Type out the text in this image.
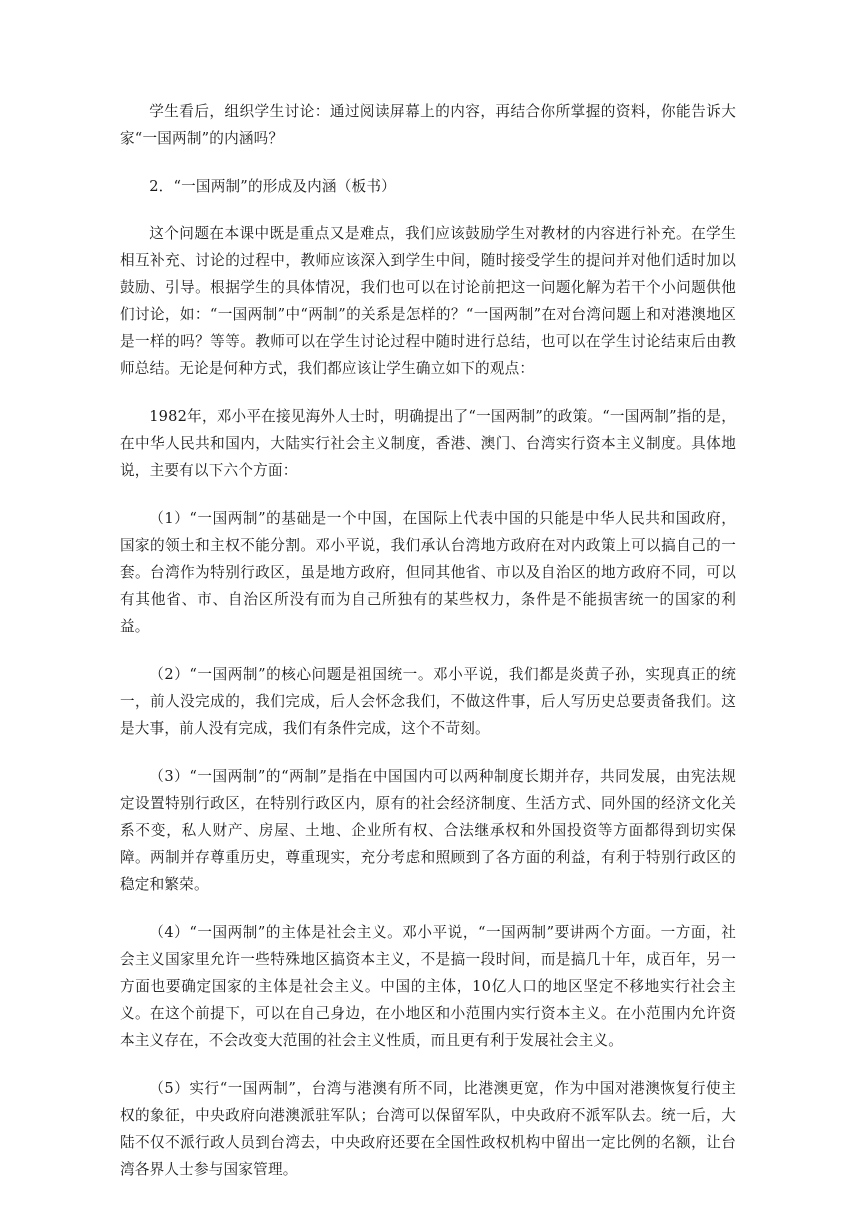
学生看后，组织学生讨论：通过阅读屏幕上的内容，再结合你所掌握的资料，你能告诉大家“一国两制”的内涵吗？

2．“一国两制”的形成及内涵（板书）

这个问题在本课中既是重点又是难点，我们应该鼓励学生对教材的内容进行补充。在学生相互补充、讨论的过程中，教师应该深入到学生中间，随时接受学生的提问并对他们适时加以鼓励、引导。根据学生的具体情况，我们也可以在讨论前把这一问题化解为若干个小问题供他们讨论，如：“一国两制”中“两制”的关系是怎样的？“一国两制”在对台湾问题上和对港澳地区是一样的吗？等等。教师可以在学生讨论过程中随时进行总结，也可以在学生讨论结束后由教师总结。无论是何种方式，我们都应该让学生确立如下的观点：

1982年，邓小平在接见海外人士时，明确提出了“一国两制”的政策。“一国两制”指的是，在中华人民共和国内，大陆实行社会主义制度，香港、澳门、台湾实行资本主义制度。具体地说，主要有以下六个方面：

（1）“一国两制”的基础是一个中国，在国际上代表中国的只能是中华人民共和国政府，国家的领土和主权不能分割。邓小平说，我们承认台湾地方政府在对内政策上可以搞自己的一套。台湾作为特别行政区，虽是地方政府，但同其他省、市以及自治区的地方政府不同，可以有其他省、市、自治区所没有而为自己所独有的某些权力，条件是不能损害统一的国家的利益。

（2）“一国两制”的核心问题是祖国统一。邓小平说，我们都是炎黄子孙，实现真正的统一，前人没完成的，我们完成，后人会怀念我们，不做这件事，后人写历史总要责备我们。这是大事，前人没有完成，我们有条件完成，这个不苛刻。

（3）“一国两制”的“两制”是指在中国国内可以两种制度长期并存，共同发展，由宪法规定设置特别行政区，在特别行政区内，原有的社会经济制度、生活方式、同外国的经济文化关系不变，私人财产、房屋、土地、企业所有权、合法继承权和外国投资等方面都得到切实保障。两制并存尊重历史，尊重现实，充分考虑和照顾到了各方面的利益，有利于特别行政区的稳定和繁荣。

（4）“一国两制”的主体是社会主义。邓小平说，“一国两制”要讲两个方面。一方面，社会主义国家里允许一些特殊地区搞资本主义，不是搞一段时间，而是搞几十年，成百年，另一方面也要确定国家的主体是社会主义。中国的主体，10亿人口的地区坚定不移地实行社会主义。在这个前提下，可以在自己身边，在小地区和小范围内实行资本主义。在小范围内允许资本主义存在，不会改变大范围的社会主义性质，而且更有利于发展社会主义。

（5）实行“一国两制”，台湾与港澳有所不同，比港澳更宽，作为中国对港澳恢复行使主权的象征，中央政府向港澳派驻军队；台湾可以保留军队，中央政府不派军队去。统一后，大陆不仅不派行政人员到台湾去，中央政府还要在全国性政权机构中留出一定比例的名额，让台湾各界人士参与国家管理。
